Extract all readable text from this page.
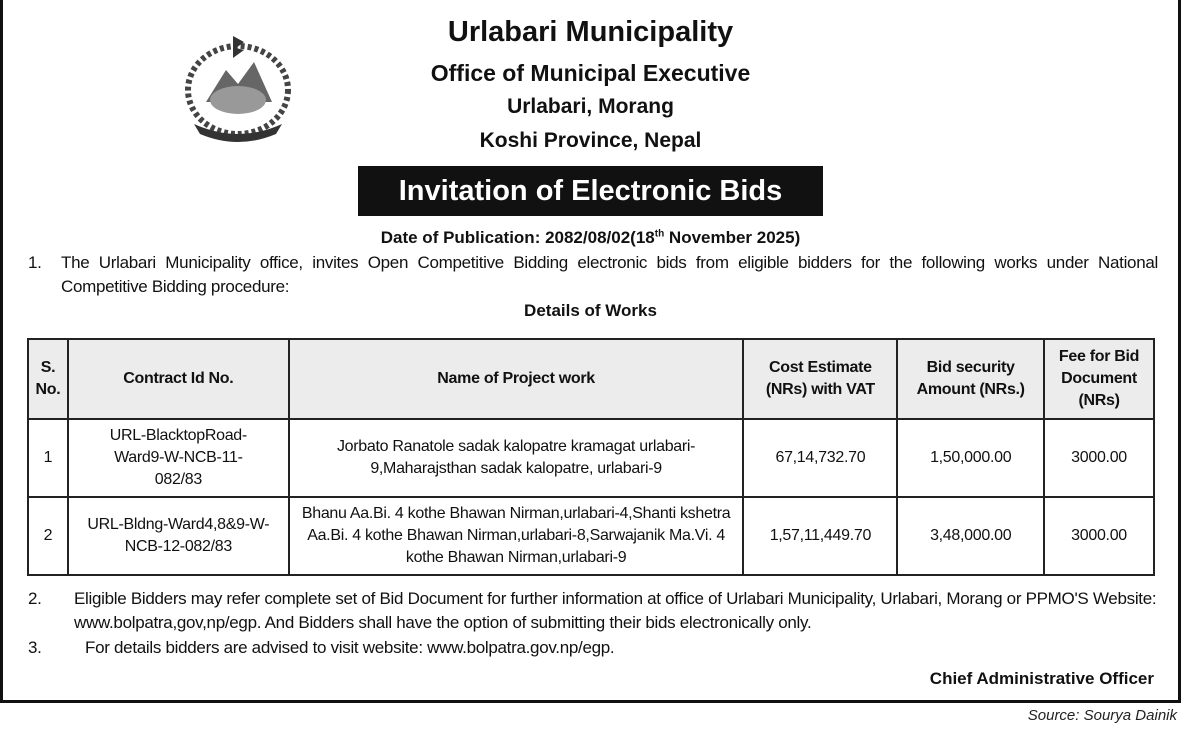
Urlabari Municipality
Office of Municipal Executive
Urlabari, Morang
Koshi Province, Nepal
Invitation of Electronic Bids
Date of Publication: 2082/08/02(18th November 2025)
1. The Urlabari Municipality office, invites Open Competitive Bidding electronic bids from eligible bidders for the following works under National Competitive Bidding procedure:
Details of Works
S. No.	Contract Id No.	Name of Project work	Cost Estimate (NRs) with VAT	Bid security Amount (NRs.)	Fee for Bid Document (NRs)
1	URL-BlacktopRoad-Ward9-W-NCB-11-082/83	Jorbato Ranatole sadak kalopatre kramagat urlabari-9,Maharajsthan sadak kalopatre, urlabari-9	67,14,732.70	1,50,000.00	3000.00
2	URL-Bldng-Ward4,8&9-W-NCB-12-082/83	Bhanu Aa.Bi. 4 kothe Bhawan Nirman,urlabari-4,Shanti kshetra Aa.Bi. 4 kothe Bhawan Nirman,urlabari-8,Sarwajanik Ma.Vi. 4 kothe Bhawan Nirman,urlabari-9	1,57,11,449.70	3,48,000.00	3000.00
2. Eligible Bidders may refer complete set of Bid Document for further information at office of Urlabari Municipality, Urlabari, Morang or PPMO'S Website: www.bolpatra,gov,np/egp. And Bidders shall have the option of submitting their bids electronically only.
3.	For details bidders are advised to visit website: www.bolpatra.gov.np/egp.
Chief Administrative Officer
Source: Sourya Dainik
